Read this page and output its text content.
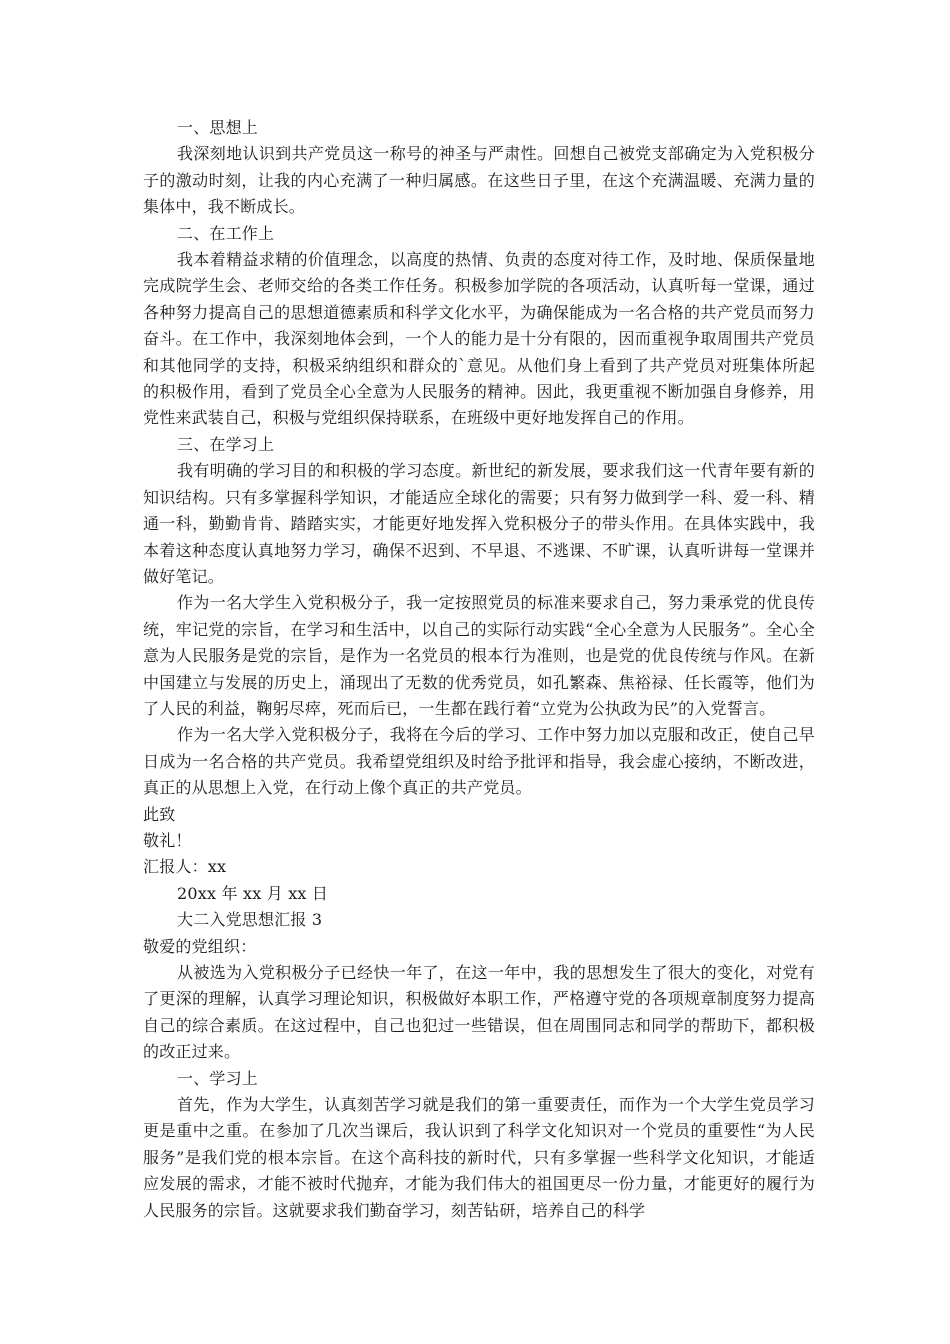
一、思想上

我深刻地认识到共产党员这一称号的神圣与严肃性。回想自己被党支部确定为入党积极分子的激动时刻，让我的内心充满了一种归属感。在这些日子里，在这个充满温暖、充满力量的集体中，我不断成长。

二、在工作上

我本着精益求精的价值理念，以高度的热情、负责的态度对待工作，及时地、保质保量地完成院学生会、老师交给的各类工作任务。积极参加学院的各项活动，认真听每一堂课，通过各种努力提高自己的思想道德素质和科学文化水平，为确保能成为一名合格的共产党员而努力奋斗。在工作中，我深刻地体会到，一个人的能力是十分有限的，因而重视争取周围共产党员和其他同学的支持，积极采纳组织和群众的`意见。从他们身上看到了共产党员对班集体所起的积极作用，看到了党员全心全意为人民服务的精神。因此，我更重视不断加强自身修养，用党性来武装自己，积极与党组织保持联系，在班级中更好地发挥自己的作用。

三、在学习上

我有明确的学习目的和积极的学习态度。新世纪的新发展，要求我们这一代青年要有新的知识结构。只有多掌握科学知识，才能适应全球化的需要；只有努力做到学一科、爱一科、精通一科，勤勤肯肯、踏踏实实，才能更好地发挥入党积极分子的带头作用。在具体实践中，我本着这种态度认真地努力学习，确保不迟到、不早退、不逃课、不旷课，认真听讲每一堂课并做好笔记。

作为一名大学生入党积极分子，我一定按照党员的标准来要求自己，努力秉承党的优良传统，牢记党的宗旨，在学习和生活中，以自己的实际行动实践“全心全意为人民服务”。全心全意为人民服务是党的宗旨，是作为一名党员的根本行为准则，也是党的优良传统与作风。在新中国建立与发展的历史上，涌现出了无数的优秀党员，如孔繁森、焦裕禄、任长霞等，他们为了人民的利益，鞠躬尽瘁，死而后已，一生都在践行着“立党为公执政为民”的入党誓言。

作为一名大学入党积极分子，我将在今后的学习、工作中努力加以克服和改正，使自己早日成为一名合格的共产党员。我希望党组织及时给予批评和指导，我会虚心接纳，不断改进，真正的从思想上入党，在行动上像个真正的共产党员。

此致

敬礼！

汇报人：xx

20xx 年 xx 月 xx 日

大二入党思想汇报 3

敬爱的党组织：

从被选为入党积极分子已经快一年了，在这一年中，我的思想发生了很大的变化，对党有了更深的理解，认真学习理论知识，积极做好本职工作，严格遵守党的各项规章制度努力提高自己的综合素质。在这过程中，自己也犯过一些错误，但在周围同志和同学的帮助下，都积极的改正过来。

一、学习上

首先，作为大学生，认真刻苦学习就是我们的第一重要责任，而作为一个大学生党员学习更是重中之重。在参加了几次当课后，我认识到了科学文化知识对一个党员的重要性“为人民服务”是我们党的根本宗旨。在这个高科技的新时代，只有多掌握一些科学文化知识，才能适应发展的需求，才能不被时代抛弃，才能为我们伟大的祖国更尽一份力量，才能更好的履行为人民服务的宗旨。这就要求我们勤奋学习，刻苦钻研，培养自己的科学
